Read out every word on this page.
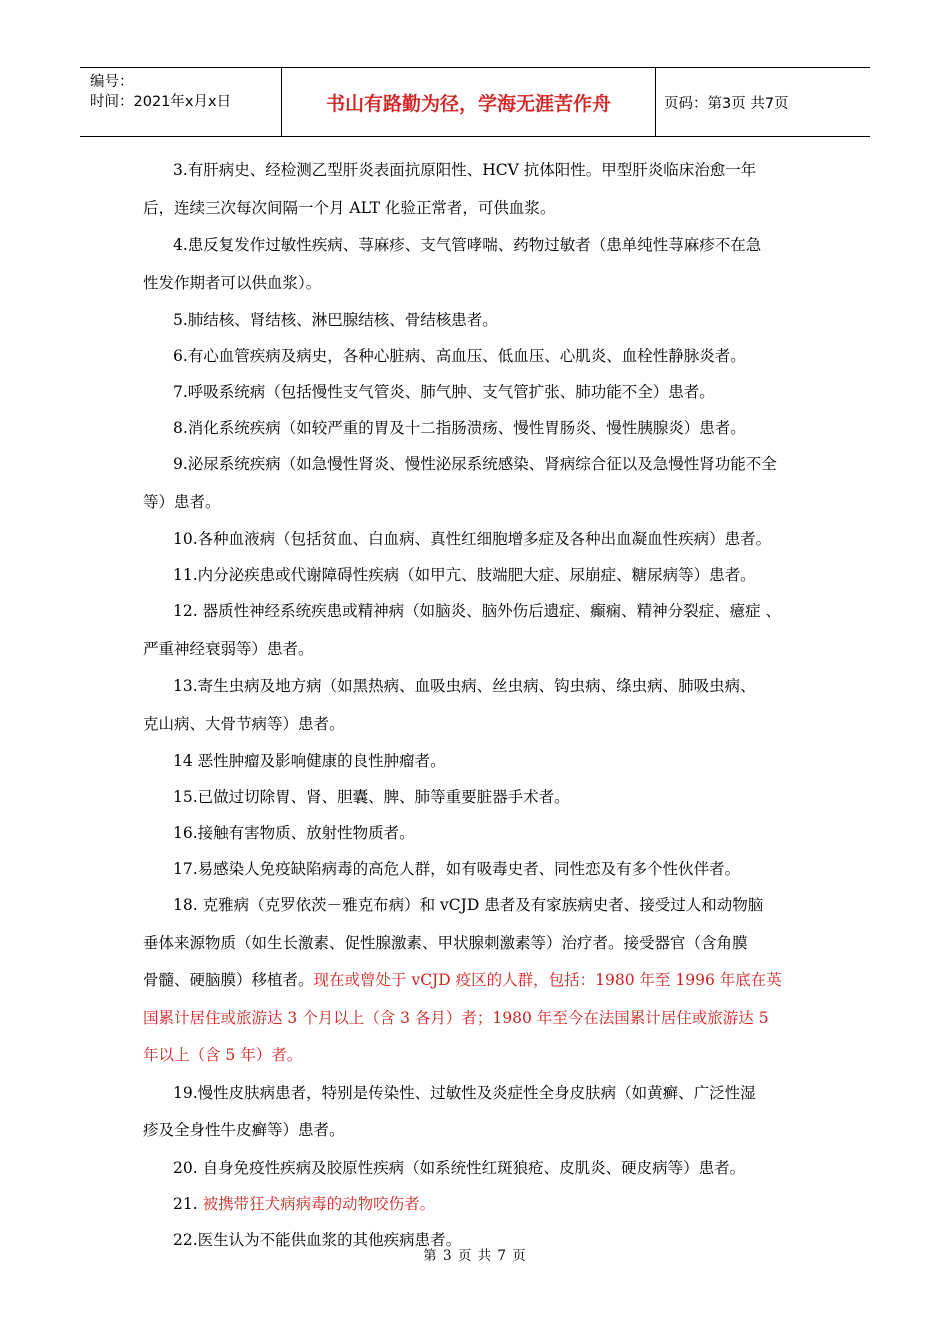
编号：
时间：2021年x月x日	书山有路勤为径，学海无涯苦作舟	页码：第3页 共7页

3.有肝病史、经检测乙型肝炎表面抗原阳性、HCV 抗体阳性。甲型肝炎临床治愈一年
后，连续三次每次间隔一个月 ALT 化验正常者，可供血浆。

4.患反复发作过敏性疾病、荨麻疹、支气管哮喘、药物过敏者（患单纯性荨麻疹不在急
性发作期者可以供血浆）。

5.肺结核、肾结核、淋巴腺结核、骨结核患者。

6.有心血管疾病及病史，各种心脏病、高血压、低血压、心肌炎、血栓性静脉炎者。

7.呼吸系统病（包括慢性支气管炎、肺气肿、支气管扩张、肺功能不全）患者。

8.消化系统疾病（如较严重的胃及十二指肠溃疡、慢性胃肠炎、慢性胰腺炎）患者。

9.泌尿系统疾病（如急慢性肾炎、慢性泌尿系统感染、肾病综合征以及急慢性肾功能不全
等）患者。

10.各种血液病（包括贫血、白血病、真性红细胞增多症及各种出血凝血性疾病）患者。

11.内分泌疾患或代谢障碍性疾病（如甲亢、肢端肥大症、尿崩症、糖尿病等）患者。

12. 器质性神经系统疾患或精神病（如脑炎、脑外伤后遗症、癫痫、精神分裂症、癔症 、
严重神经衰弱等）患者。

13.寄生虫病及地方病（如黑热病、血吸虫病、丝虫病、钩虫病、绦虫病、肺吸虫病、
克山病、大骨节病等）患者。

14 恶性肿瘤及影响健康的良性肿瘤者。

15.已做过切除胃、肾、胆囊、脾、肺等重要脏器手术者。

16.接触有害物质、放射性物质者。

17.易感染人免疫缺陷病毒的高危人群，如有吸毒史者、同性恋及有多个性伙伴者。

18. 克雅病（克罗依茨－雅克布病）和 vCJD 患者及有家族病史者、接受过人和动物脑
垂体来源物质（如生长激素、促性腺激素、甲状腺刺激素等）治疗者。接受器官（含角膜
骨髓、硬脑膜）移植者。现在或曾处于 vCJD 疫区的人群，包括：1980 年至 1996 年底在英
国累计居住或旅游达 3 个月以上（含 3 各月）者；1980 年至今在法国累计居住或旅游达 5
年以上（含 5 年）者。

19.慢性皮肤病患者，特别是传染性、过敏性及炎症性全身皮肤病（如黄癣、广泛性湿
疹及全身性牛皮癣等）患者。

20. 自身免疫性疾病及胶原性疾病（如系统性红斑狼疮、皮肌炎、硬皮病等）患者。

21. 被携带狂犬病病毒的动物咬伤者。

22.医生认为不能供血浆的其他疾病患者。

第 3 页 共 7 页
